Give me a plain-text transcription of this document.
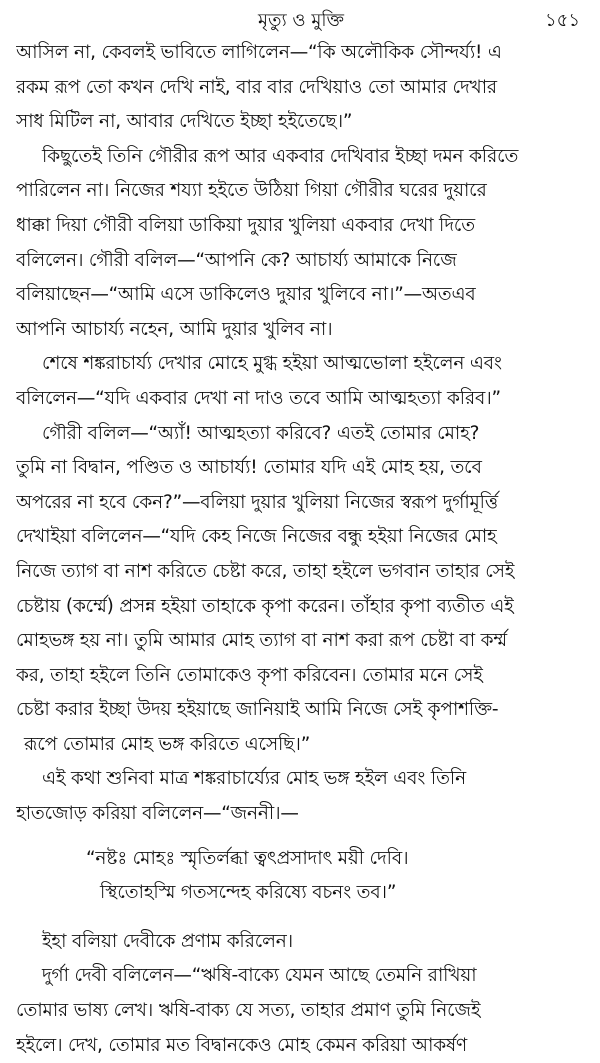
মৃত্যু ও মুক্তি	১৫১
আসিল না, কেবলই ভাবিতে লাগিলেন—“কি অলৌকিক সৌন্দর্য্য! এ
রকম রূপ তো কখন দেখি নাই, বার বার দেখিয়াও তো আমার দেখার
সাধ মিটিল না, আবার দেখিতে ইচ্ছা হইতেছে।”
কিছুতেই তিনি গৌরীর রূপ আর একবার দেখিবার ইচ্ছা দমন করিতে
পারিলেন না। নিজের শয্যা হইতে উঠিয়া গিয়া গৌরীর ঘরের দুয়ারে
ধাক্কা দিয়া গৌরী বলিয়া ডাকিয়া দুয়ার খুলিয়া একবার দেখা দিতে
বলিলেন। গৌরী বলিল—“আপনি কে? আচার্য্য আমাকে নিজে
বলিয়াছেন—“আমি এসে ডাকিলেও দুয়ার খুলিবে না।”—অতএব
আপনি আচার্য্য নহেন, আমি দুয়ার খুলিব না।
শেষে শঙ্করাচার্য্য দেখার মোহে মুগ্ধ হইয়া আত্মভোলা হইলেন এবং
বলিলেন—“যদি একবার দেখা না দাও তবে আমি আত্মহত্যা করিব।”
গৌরী বলিল—“অ্যাঁ! আত্মহত্যা করিবে? এতই তোমার মোহ?
তুমি না বিদ্বান, পণ্ডিত ও আচার্য্য! তোমার যদি এই মোহ হয়, তবে
অপরের না হবে কেন?”—বলিয়া দুয়ার খুলিয়া নিজের স্বরূপ দুর্গামূর্ত্তি
দেখাইয়া বলিলেন—“যদি কেহ নিজে নিজের বন্ধু হইয়া নিজের মোহ
নিজে ত্যাগ বা নাশ করিতে চেষ্টা করে, তাহা হইলে ভগবান তাহার সেই
চেষ্টায় (কর্ম্মে) প্রসন্ন হইয়া তাহাকে কৃপা করেন। তাঁহার কৃপা ব্যতীত এই
মোহভঙ্গ হয় না। তুমি আমার মোহ ত্যাগ বা নাশ করা রূপ চেষ্টা বা কর্ম্ম
কর, তাহা হইলে তিনি তোমাকেও কৃপা করিবেন। তোমার মনে সেই
চেষ্টা করার ইচ্ছা উদয় হইয়াছে জানিয়াই আমি নিজে সেই কৃপাশক্তি-
রূপে তোমার মোহ ভঙ্গ করিতে এসেছি।”
এই কথা শুনিবা মাত্র শঙ্করাচার্য্যের মোহ ভঙ্গ হইল এবং তিনি
হাতজোড় করিয়া বলিলেন—“জননী।—
“নষ্টঃ মোহঃ স্মৃতির্লব্ধা ত্বৎপ্রসাদাৎ ময়ী দেবি।
স্থিতোহস্মি গতসন্দেহ করিষ্যে বচনং তব।”
ইহা বলিয়া দেবীকে প্রণাম করিলেন।
দুর্গা দেবী বলিলেন—“ঋষি-বাক্যে যেমন আছে তেমনি রাখিয়া
তোমার ভাষ্য লেখ। ঋষি-বাক্য যে সত্য, তাহার প্রমাণ তুমি নিজেই
হইলে। দেখ, তোমার মত বিদ্বানকেও মোহ কেমন করিয়া আকর্ষণ
